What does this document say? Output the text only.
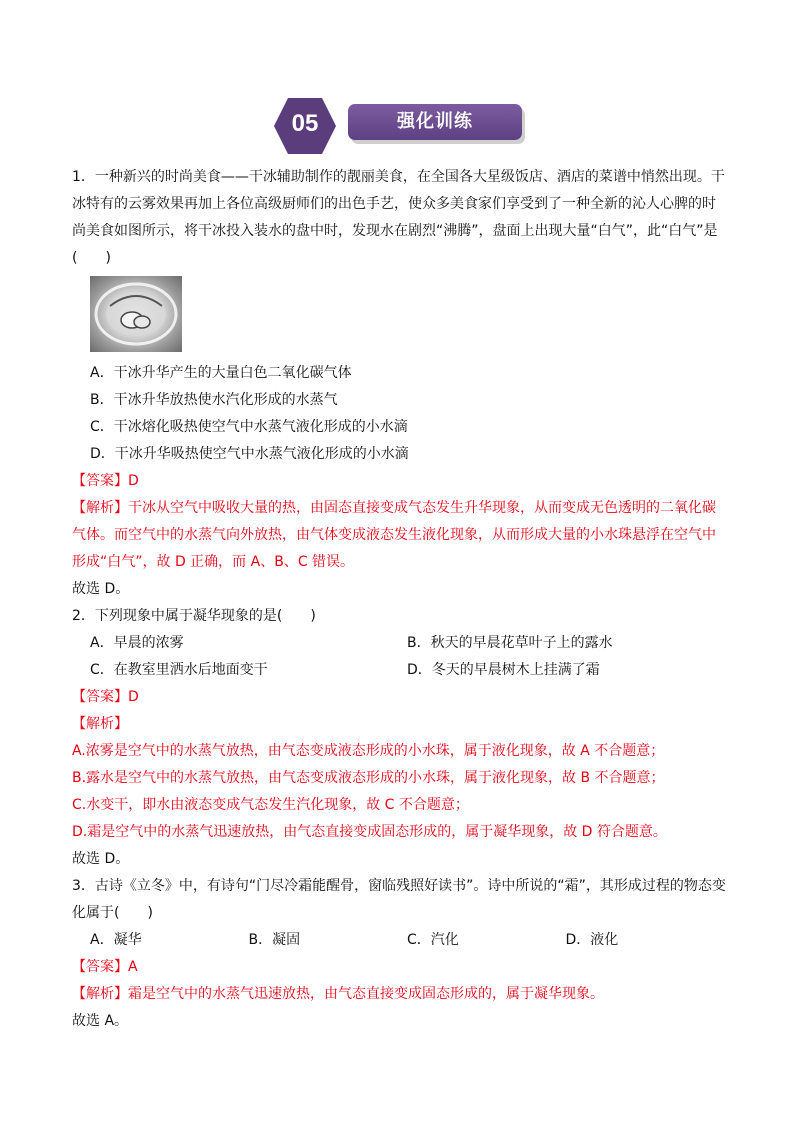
05	强化训练
1．一种新兴的时尚美食——干冰辅助制作的靓丽美食，在全国各大星级饭店、酒店的菜谱中悄然出现。干
冰特有的云雾效果再加上各位高级厨师们的出色手艺，使众多美食家们享受到了一种全新的沁人心脾的时
尚美食如图所示，将干冰投入装水的盘中时，发现水在剧烈“沸腾”，盘面上出现大量“白气”，此“白气”是
(　　)
A．干冰升华产生的大量白色二氧化碳气体
B．干冰升华放热使水汽化形成的水蒸气
C．干冰熔化吸热使空气中水蒸气液化形成的小水滴
D．干冰升华吸热使空气中水蒸气液化形成的小水滴
【答案】D
【解析】干冰从空气中吸收大量的热，由固态直接变成气态发生升华现象，从而变成无色透明的二氧化碳
气体。而空气中的水蒸气向外放热，由气体变成液态发生液化现象，从而形成大量的小水珠悬浮在空气中
形成“白气”，故 D 正确，而 A、B、C 错误。
故选 D。
2．下列现象中属于凝华现象的是(　　)
A．早晨的浓雾	B．秋天的早晨花草叶子上的露水
C．在教室里洒水后地面变干	D．冬天的早晨树木上挂满了霜
【答案】D
【解析】
A.浓雾是空气中的水蒸气放热，由气态变成液态形成的小水珠，属于液化现象，故 A 不合题意；
B.露水是空气中的水蒸气放热，由气态变成液态形成的小水珠，属于液化现象，故 B 不合题意；
C.水变干，即水由液态变成气态发生汽化现象，故 C 不合题意；
D.霜是空气中的水蒸气迅速放热，由气态直接变成固态形成的，属于凝华现象，故 D 符合题意。
故选 D。
3．古诗《立冬》中，有诗句“门尽冷霜能醒骨，窗临残照好读书”。诗中所说的“霜”，其形成过程的物态变
化属于(　　)
A．凝华	B．凝固	C．汽化	D．液化
【答案】A
【解析】霜是空气中的水蒸气迅速放热，由气态直接变成固态形成的，属于凝华现象。
故选 A。
